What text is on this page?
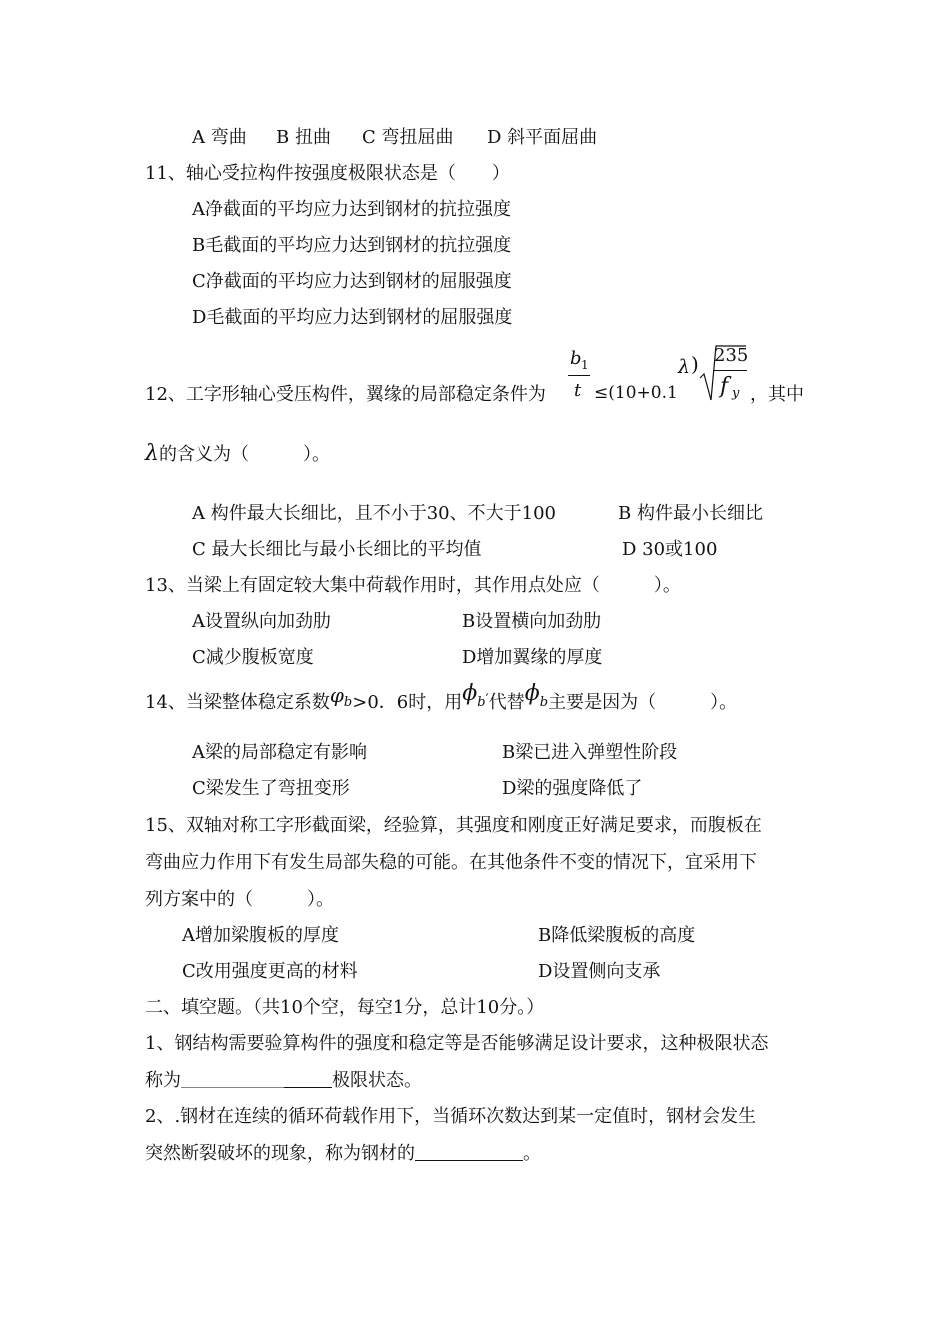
A 弯曲 B 扭曲 C 弯扭屈曲 D 斜平面屈曲
11、轴心受拉构件按强度极限状态是（　　）
A净截面的平均应力达到钢材的抗拉强度
B毛截面的平均应力达到钢材的抗拉强度
C净截面的平均应力达到钢材的屈服强度
D毛截面的平均应力达到钢材的屈服强度
12、工字形轴心受压构件，翼缘的局部稳定条件为
b 1
t ≤(10+0.1
λ ) 235
f y ，其中
λ的含义为（　　　）。
A 构件最大长细比，且不小于30、不大于100	B 构件最小长细比
C 最大长细比与最小长细比的平均值	D 30或100
13、当梁上有固定较大集中荷载作用时，其作用点处应（　　　）。
A设置纵向加劲肋	B设置横向加劲肋
C减少腹板宽度	D增加翼缘的厚度
14、当梁整体稳定系数φb>0．6时，用ϕb′代替ϕb主要是因为（　　　）。
A梁的局部稳定有影响	B梁已进入弹塑性阶段
C梁发生了弯扭变形	D梁的强度降低了
15、双轴对称工字形截面梁，经验算，其强度和刚度正好满足要求，而腹板在
弯曲应力作用下有发生局部失稳的可能。在其他条件不变的情况下，宜采用下
列方案中的（　　　）。
A增加梁腹板的厚度	B降低梁腹板的高度
C改用强度更高的材料	D设置侧向支承
二、填空题。（共10个空，每空1分，总计10分。）
1、钢结构需要验算构件的强度和稳定等是否能够满足设计要求，这种极限状态
称为	极限状态。
2、.钢材在连续的循环荷载作用下，当循环次数达到某一定值时，钢材会发生
突然断裂破坏的现象，称为钢材的	。
